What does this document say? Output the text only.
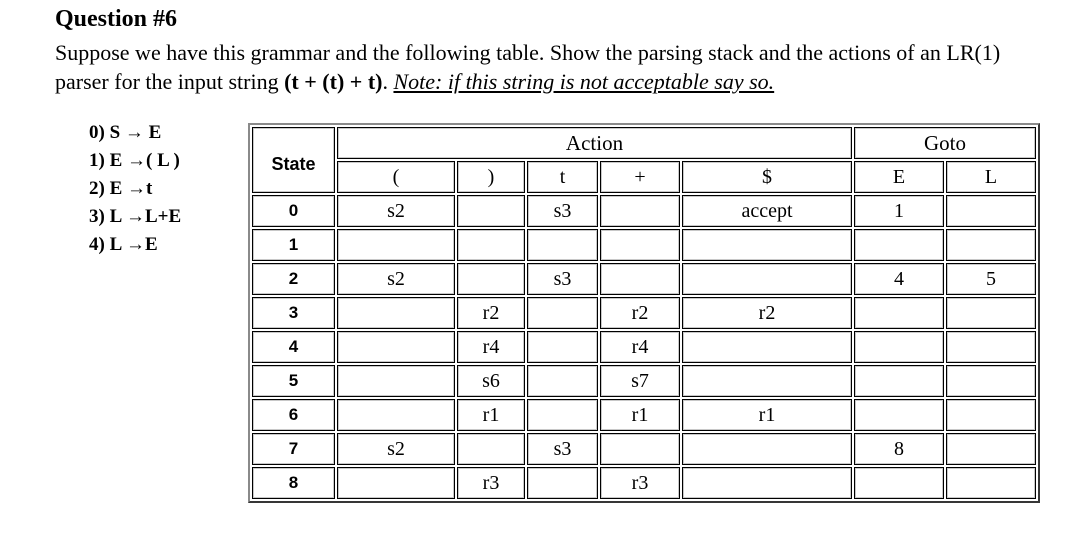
Question #6
Suppose we have this grammar and the following table. Show the parsing stack and the actions of an LR(1) parser for the input string (t + (t) + t). Note: if this string is not acceptable say so.
0) S → E
1) E →( L )
2) E →t
3) L →L+E
4) L →E
State	Action					Goto	
	(	)	t	+	$	E	L
0	s2		s3		accept	1	
1							
2	s2		s3			4	5
3		r2		r2	r2		
4		r4		r4			
5		s6		s7			
6		r1		r1	r1		
7	s2		s3			8	
8		r3		r3			
